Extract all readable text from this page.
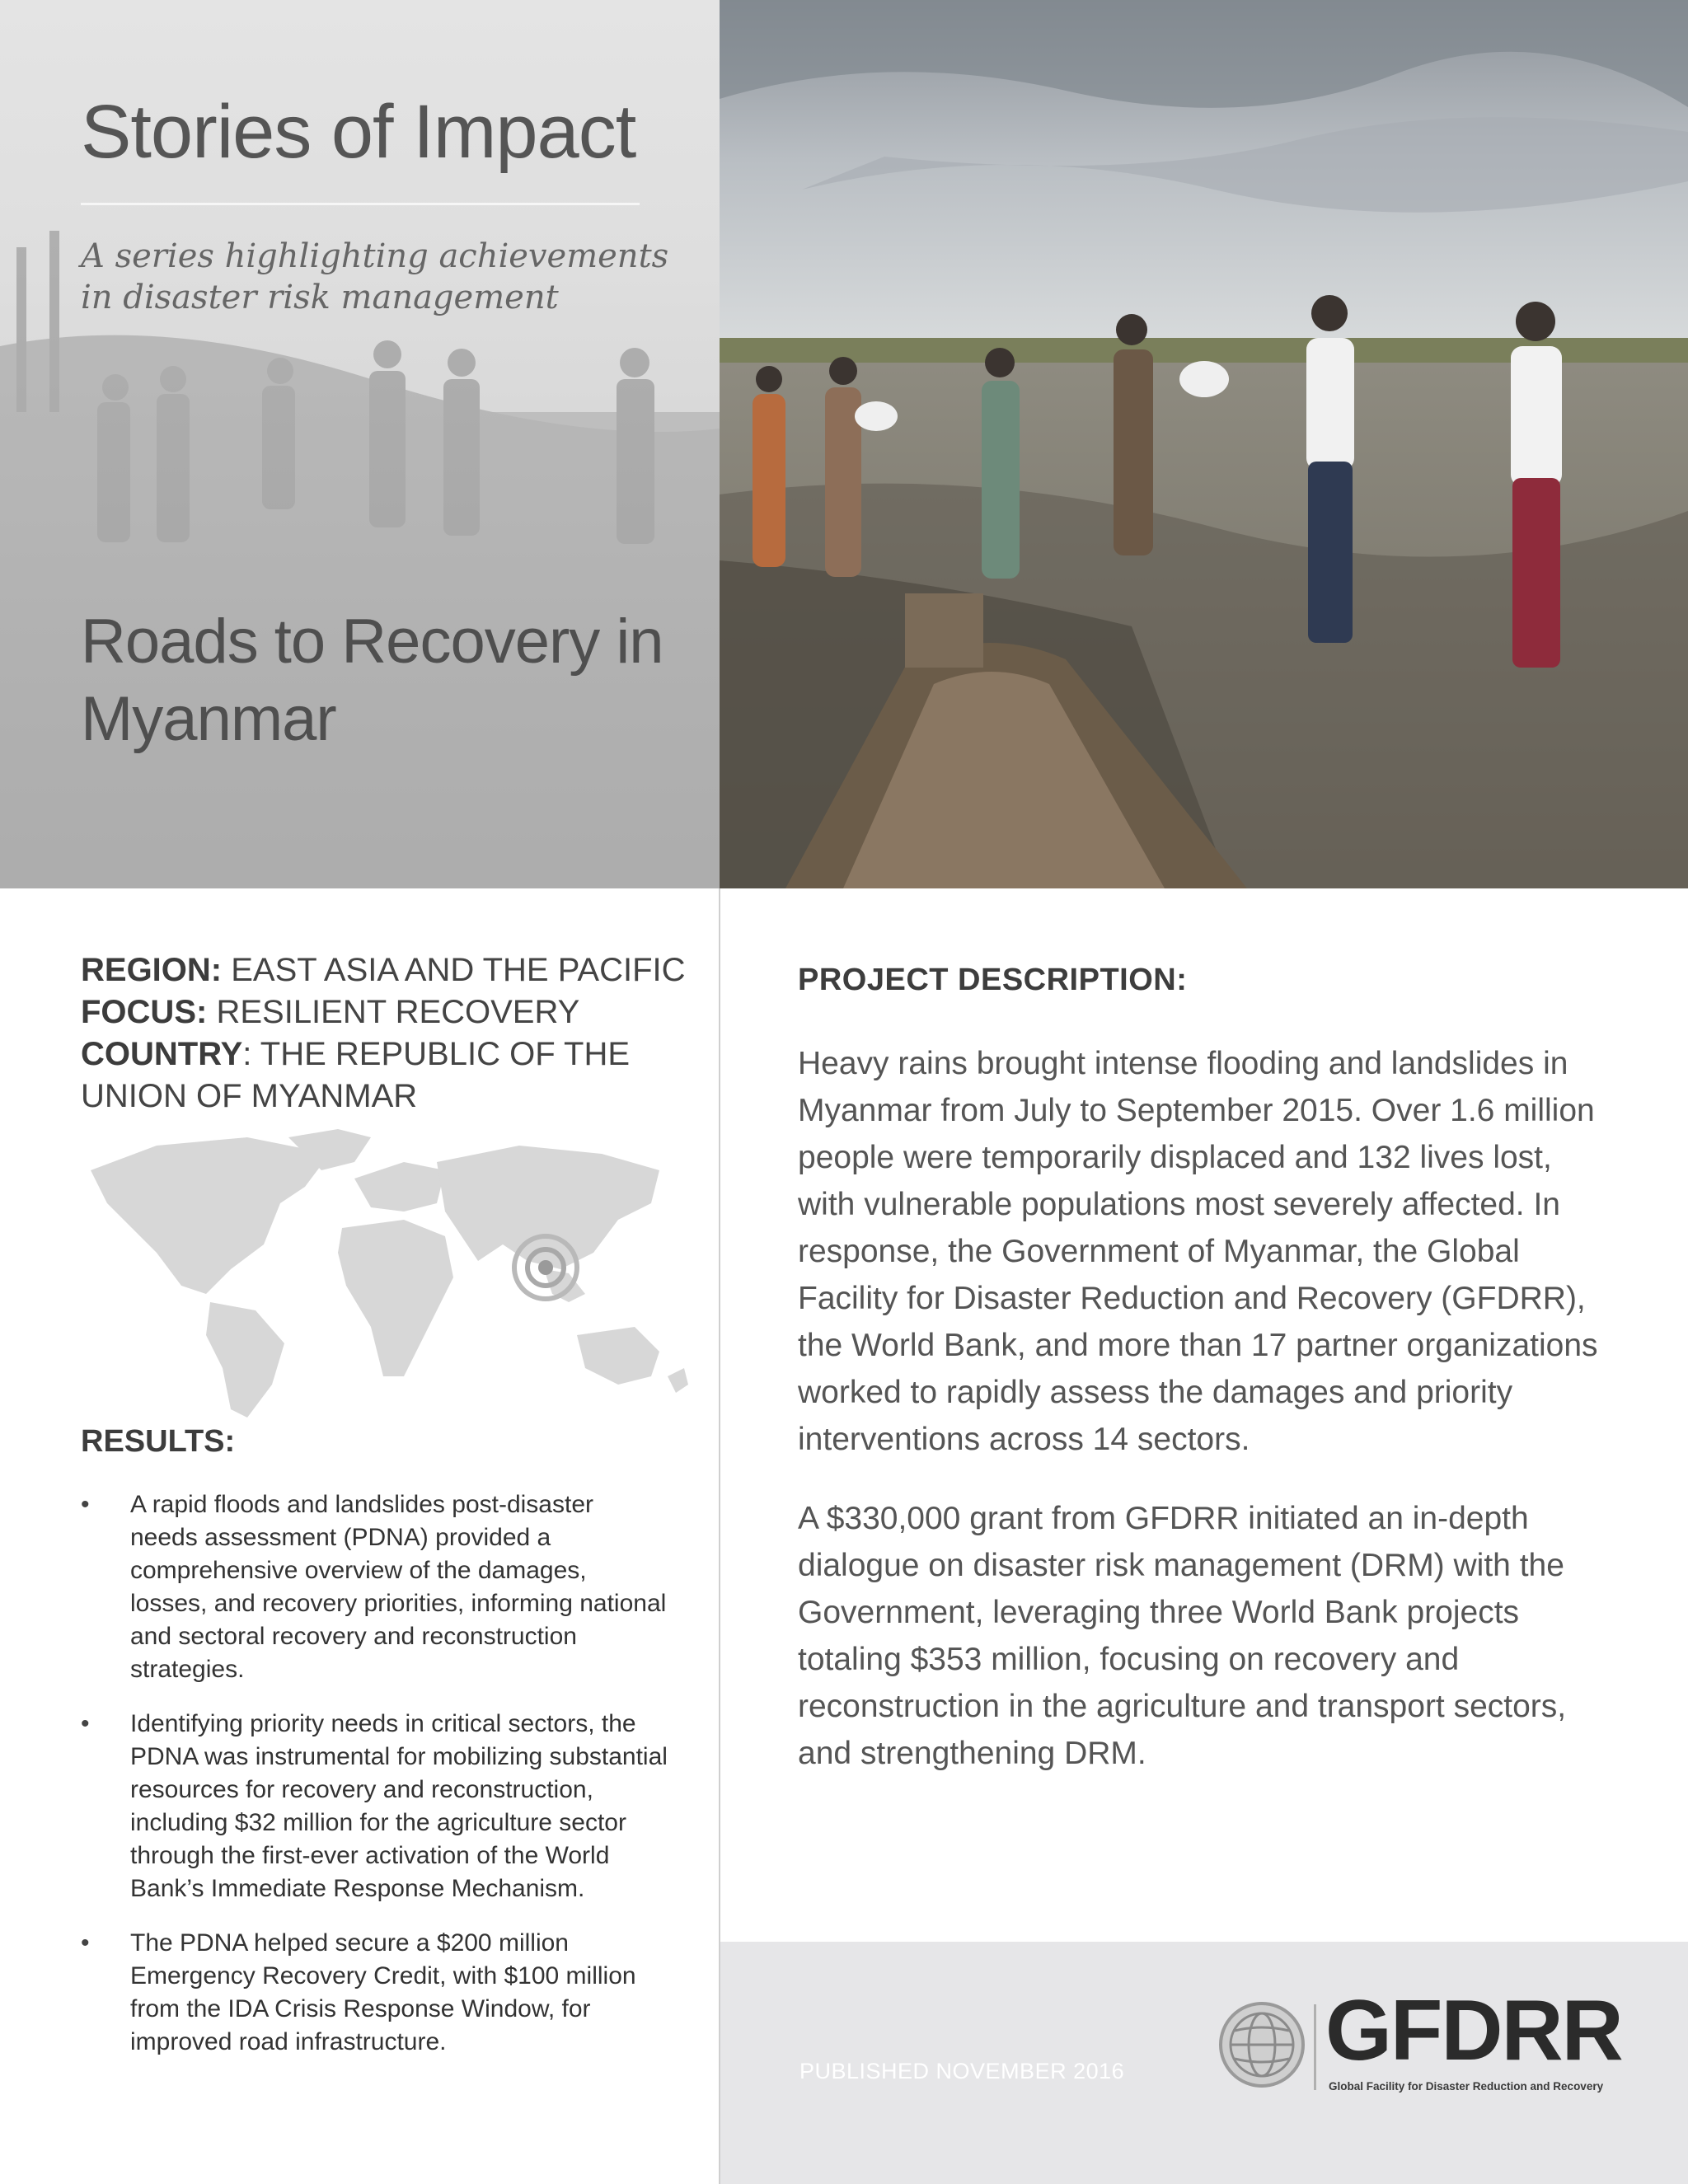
Stories of Impact

A series highlighting achievements
in disaster risk management

Roads to Recovery in
Myanmar

REGION: EAST ASIA AND THE PACIFIC

FOCUS: RESILIENT RECOVERY

COUNTRY: THE REPUBLIC OF THE UNION OF MYANMAR

RESULTS:
• A rapid floods and landslides post-disaster needs assessment (PDNA) provided a comprehensive overview of the damages, losses, and recovery priorities, informing national and sectoral recovery and reconstruction strategies.
• Identifying priority needs in critical sectors, the PDNA was instrumental for mobilizing substantial resources for recovery and reconstruction, including $32 million for the agriculture sector through the first-ever activation of the World Bank’s Immediate Response Mechanism.
• The PDNA helped secure a $200 million Emergency Recovery Credit, with $100 million from the IDA Crisis Response Window, for improved road infrastructure.
PROJECT DESCRIPTION:

Heavy rains brought intense flooding and landslides in Myanmar from July to September 2015. Over 1.6 million people were temporarily displaced and 132 lives lost, with vulnerable populations most severely affected. In response, the Government of Myanmar, the Global Facility for Disaster Reduction and Recovery (GFDRR), the World Bank, and more than 17 partner organizations worked to rapidly assess the damages and priority interventions across 14 sectors.

A $330,000 grant from GFDRR initiated an in-depth dialogue on disaster risk management (DRM) with the Government, leveraging three World Bank projects totaling $353 million, focusing on recovery and reconstruction in the agriculture and transport sectors, and strengthening DRM.

PUBLISHED NOVEMBER 2016 GFDRR

Global Facility for Disaster Reduction and Recovery
